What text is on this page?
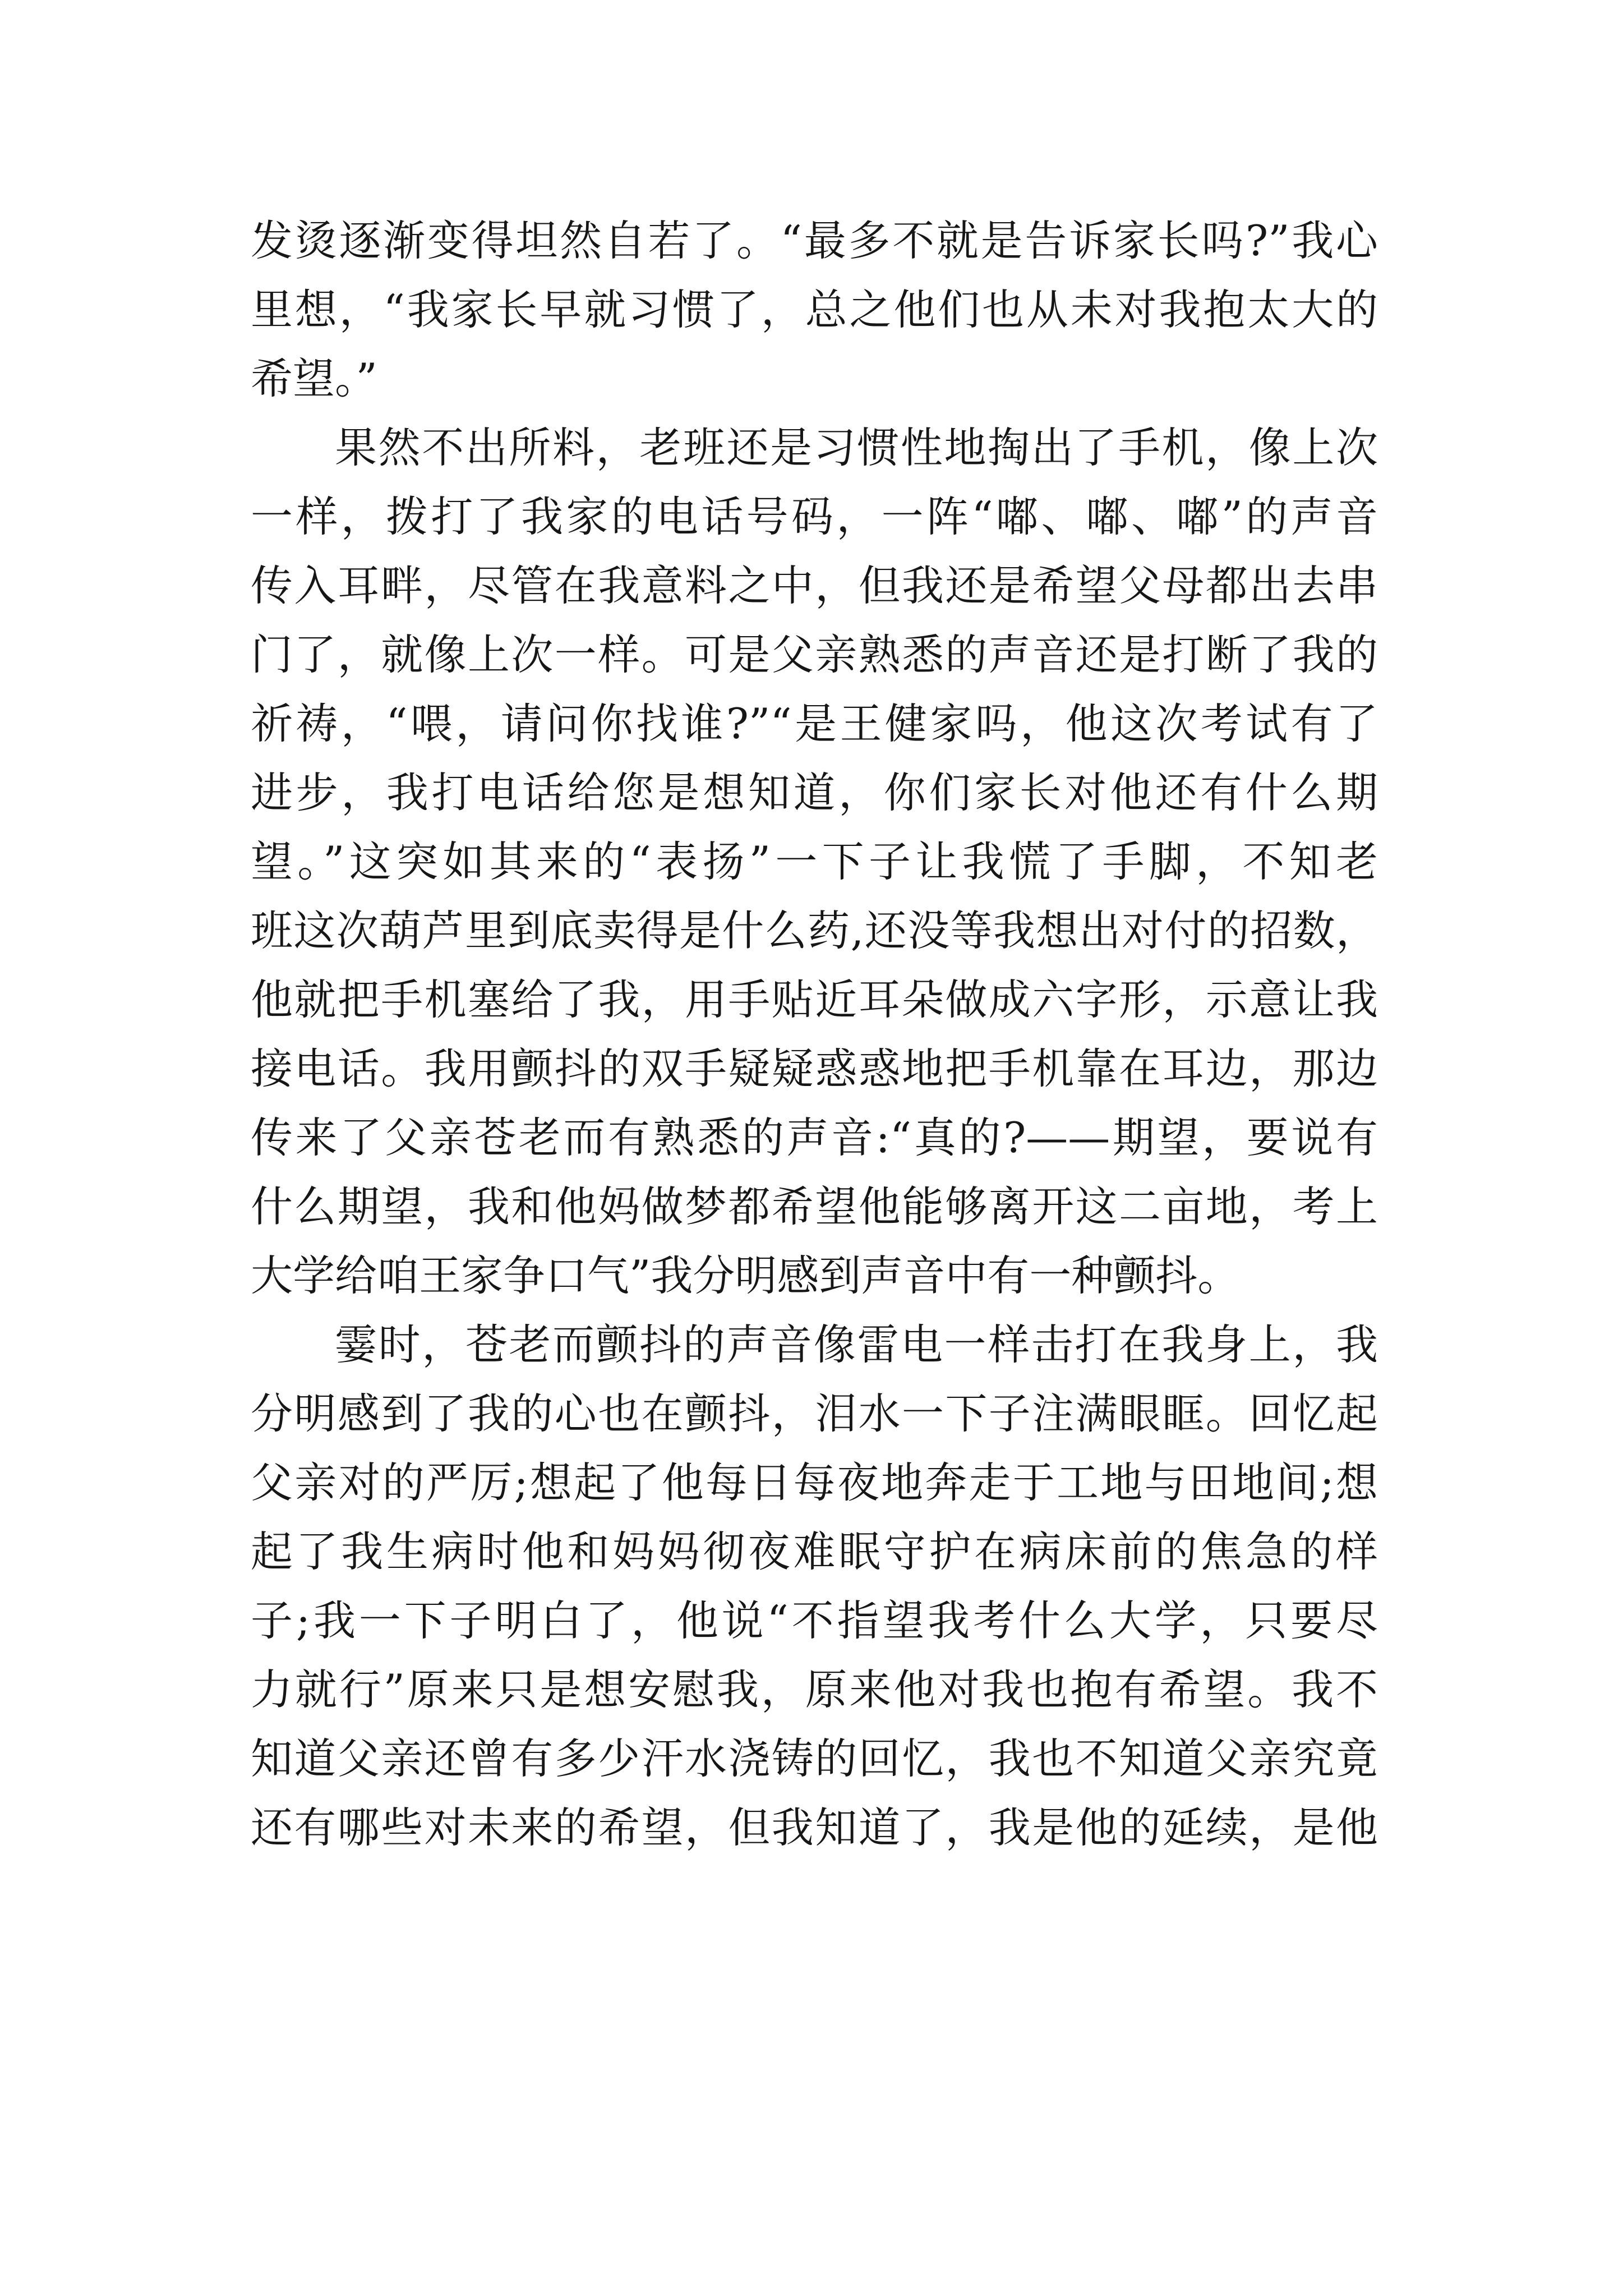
发烫逐渐变得坦然自若了。“最多不就是告诉家长吗?”我心
里想，“我家长早就习惯了，总之他们也从未对我抱太大的
希望。”
果然不出所料，老班还是习惯性地掏出了手机，像上次
一样，拨打了我家的电话号码，一阵“嘟、嘟、嘟”的声音
传入耳畔，尽管在我意料之中，但我还是希望父母都出去串
门了，就像上次一样。可是父亲熟悉的声音还是打断了我的
祈祷，“喂，请问你找谁?”“是王健家吗，他这次考试有了
进步，我打电话给您是想知道，你们家长对他还有什么期
望。”这突如其来的“表扬”一下子让我慌了手脚，不知老
班这次葫芦里到底卖得是什么药,还没等我想出对付的招数，
他就把手机塞给了我，用手贴近耳朵做成六字形，示意让我
接电话。我用颤抖的双手疑疑惑惑地把手机靠在耳边，那边
传来了父亲苍老而有熟悉的声音:“真的?——期望，要说有
什么期望，我和他妈做梦都希望他能够离开这二亩地，考上
大学给咱王家争口气”我分明感到声音中有一种颤抖。
霎时，苍老而颤抖的声音像雷电一样击打在我身上，我
分明感到了我的心也在颤抖，泪水一下子注满眼眶。回忆起
父亲对的严厉;想起了他每日每夜地奔走于工地与田地间;想
起了我生病时他和妈妈彻夜难眠守护在病床前的焦急的样
子;我一下子明白了，他说“不指望我考什么大学，只要尽
力就行”原来只是想安慰我，原来他对我也抱有希望。我不
知道父亲还曾有多少汗水浇铸的回忆，我也不知道父亲究竟
还有哪些对未来的希望，但我知道了，我是他的延续，是他
